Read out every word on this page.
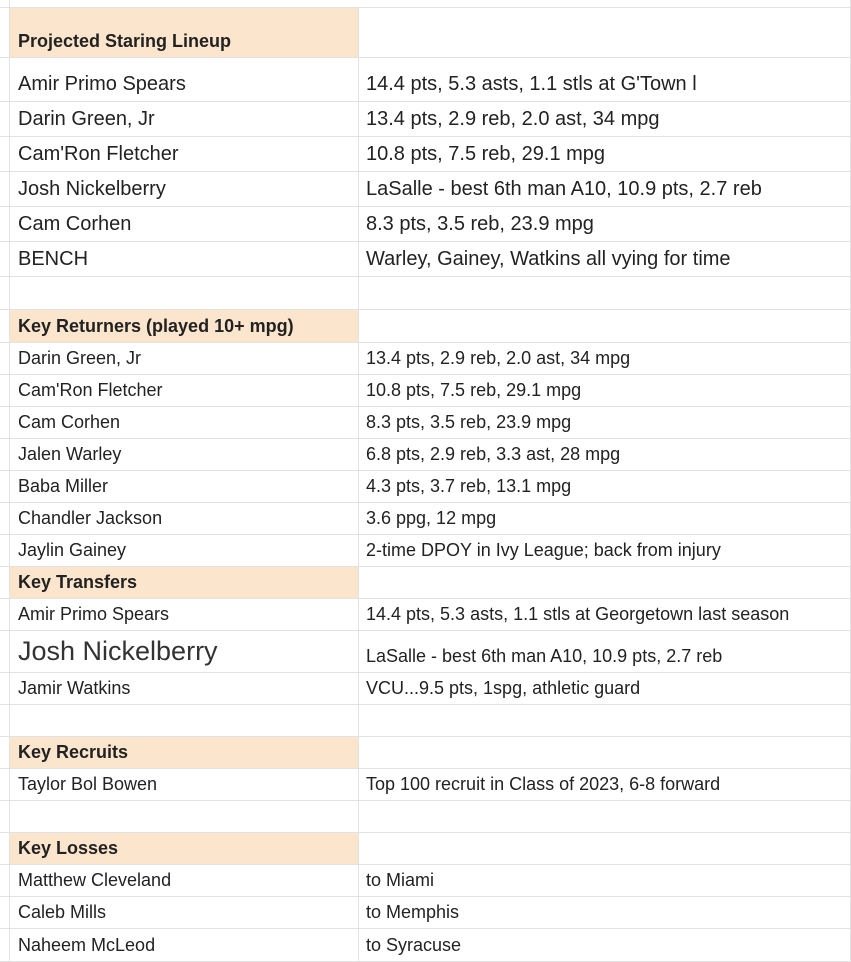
Projected Staring Lineup
Amir Primo Spears	14.4 pts, 5.3 asts, 1.1 stls at G'Town l
Darin Green, Jr	13.4 pts, 2.9 reb, 2.0 ast, 34 mpg
Cam'Ron Fletcher	10.8 pts, 7.5 reb, 29.1 mpg
Josh Nickelberry	LaSalle - best 6th man A10, 10.9 pts, 2.7 reb
Cam Corhen	8.3 pts, 3.5 reb, 23.9 mpg
BENCH	Warley, Gainey, Watkins all vying for time
Key Returners (played 10+ mpg)
Darin Green, Jr	13.4 pts, 2.9 reb, 2.0 ast, 34 mpg
Cam'Ron Fletcher	10.8 pts, 7.5 reb, 29.1 mpg
Cam Corhen	8.3 pts, 3.5 reb, 23.9 mpg
Jalen Warley	6.8 pts, 2.9 reb, 3.3 ast, 28 mpg
Baba Miller	4.3 pts, 3.7 reb, 13.1 mpg
Chandler Jackson	3.6 ppg, 12 mpg
Jaylin Gainey	2-time DPOY in Ivy League; back from injury
Key Transfers
Amir Primo Spears	14.4 pts, 5.3 asts, 1.1 stls at Georgetown last season
Josh Nickelberry	LaSalle - best 6th man A10, 10.9 pts, 2.7 reb
Jamir Watkins	VCU...9.5 pts, 1spg, athletic guard
Key Recruits
Taylor Bol Bowen	Top 100 recruit in Class of 2023, 6-8 forward
Key Losses
Matthew Cleveland	to Miami
Caleb Mills	to Memphis
Naheem McLeod	to Syracuse
